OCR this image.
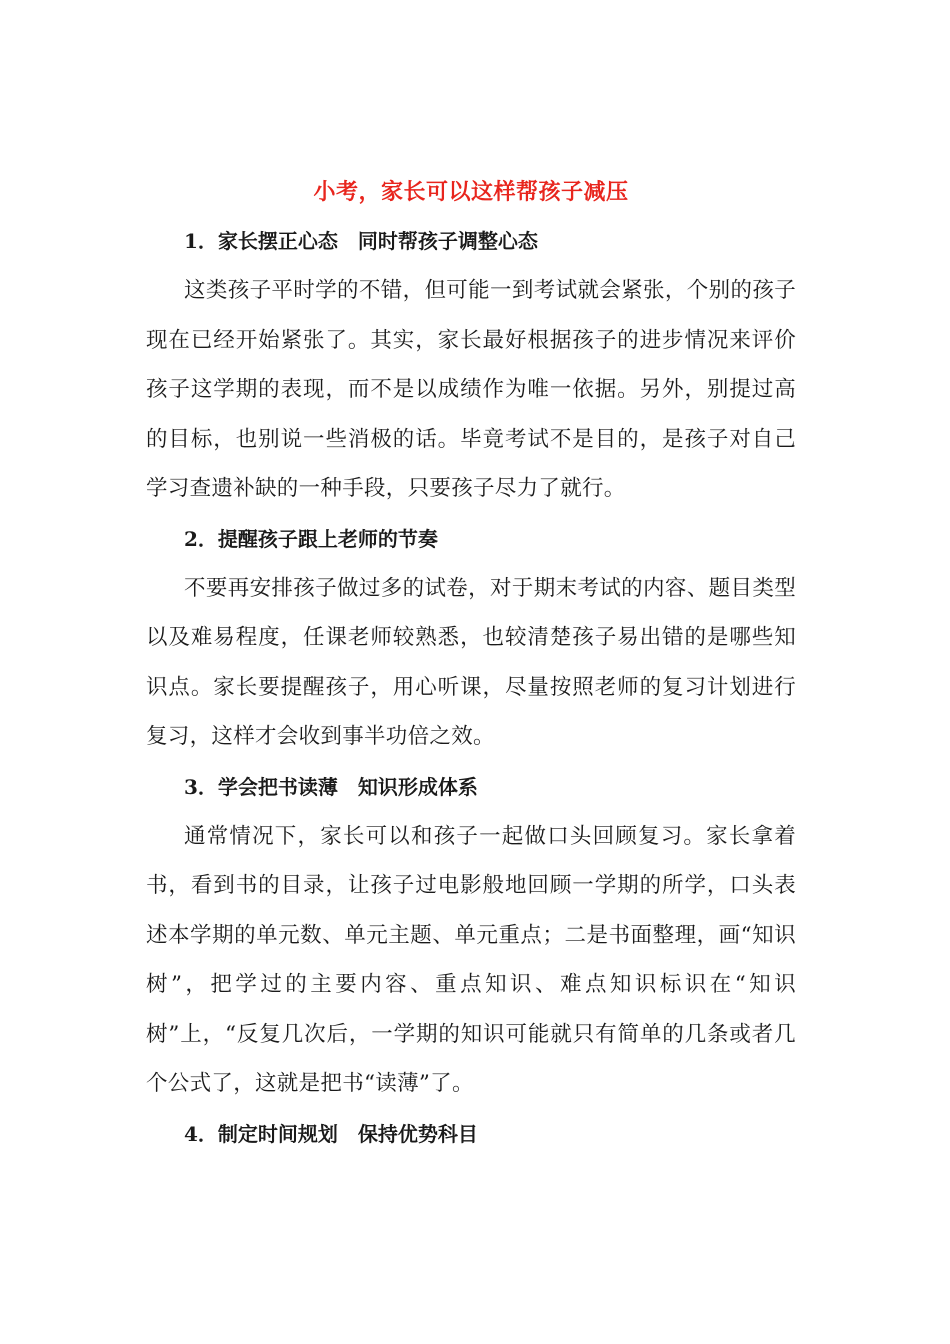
小考，家长可以这样帮孩子减压
1．家长摆正心态　同时帮孩子调整心态

这类孩子平时学的不错，但可能一到考试就会紧张，个别的孩子现在已经开始紧张了。其实，家长最好根据孩子的进步情况来评价孩子这学期的表现，而不是以成绩作为唯一依据。另外，别提过高的目标，也别说一些消极的话。毕竟考试不是目的，是孩子对自己学习查遗补缺的一种手段，只要孩子尽力了就行。

2．提醒孩子跟上老师的节奏

不要再安排孩子做过多的试卷，对于期末考试的内容、题目类型以及难易程度，任课老师较熟悉，也较清楚孩子易出错的是哪些知识点。家长要提醒孩子，用心听课，尽量按照老师的复习计划进行复习，这样才会收到事半功倍之效。

3．学会把书读薄　知识形成体系

通常情况下，家长可以和孩子一起做口头回顾复习。家长拿着书，看到书的目录，让孩子过电影般地回顾一学期的所学，口头表述本学期的单元数、单元主题、单元重点；二是书面整理，画“知识树”，把学过的主要内容、重点知识、难点知识标识在“知识树”上，“反复几次后，一学期的知识可能就只有简单的几条或者几个公式了，这就是把书“读薄”了。

4．制定时间规划　保持优势科目
